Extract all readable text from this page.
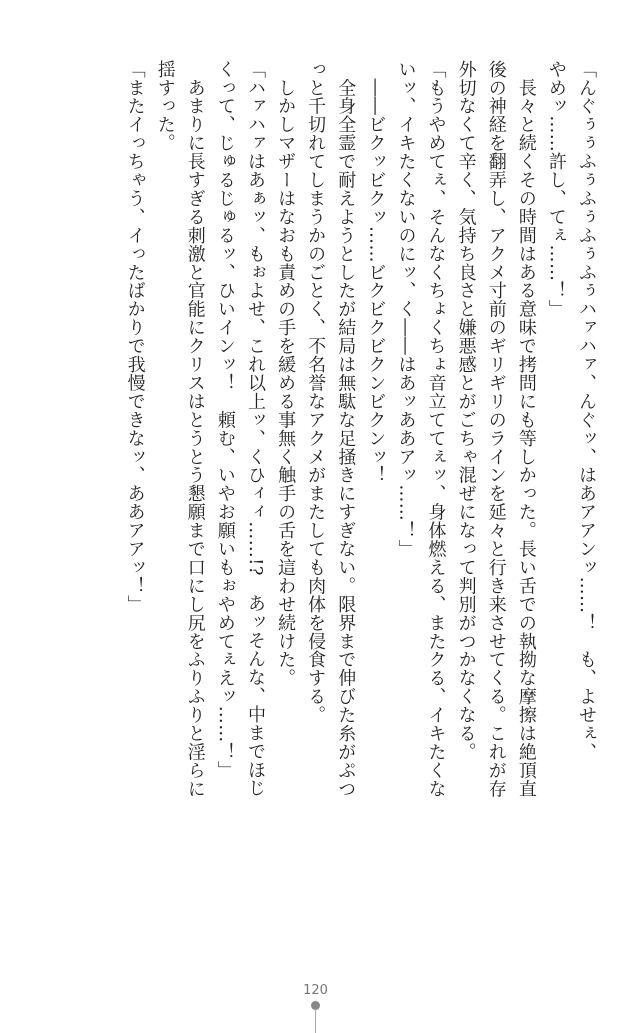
「んぐぅぅふぅふぅふぅふぅハァハァ、んぐッ、はあアアンッ……！　も、よせぇ、
やめッ……許し、てぇ……！」
　長々と続くその時間はある意味で拷問にも等しかった。長い舌での執拗な摩擦は絶頂直
後の神経を翻弄し、アクメ寸前のギリギリのラインを延々と行き来させてくる。これが存
外切なくて辛く、気持ち良さと嫌悪感とがごちゃ混ぜになって判別がつかなくなる。
「もうやめてぇ、そんなくちょくちょ音立ててぇッ、身体燃える、またクる、イキたくな
いッ、イキたくないのにッ、く――はあッああアッ……！」
　――ビクッビクッ……ビクビクビクンビクンッ！
　全身全霊で耐えようとしたが結局は無駄な足掻きにすぎない。限界まで伸びた糸がぷつ
っと千切れてしまうかのごとく、不名誉なアクメがまたしても肉体を侵食する。
　しかしマザーはなおも責めの手を緩める事無く触手の舌を這わせ続けた。
「ハァハァはあぁッ、もぉよせ、これ以上ッ、くひィィ……!?　あッそんな、中までほじ
くって、じゅるじゅるッ、ひいインッ！　頼む、いやお願いもぉやめてぇえッ……！」
　あまりに長すぎる刺激と官能にクリスはとうとう懇願まで口にし尻をふりふりと淫らに
揺すった。
「またイっちゃう、イったばかりで我慢できなッ、ああアアッ！」
120
